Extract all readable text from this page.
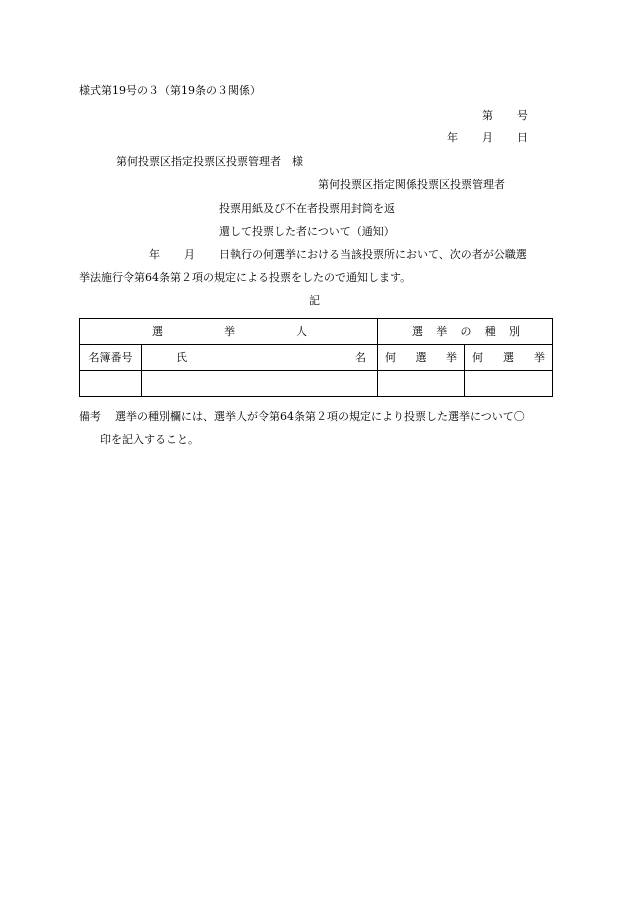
様式第19号の３（第19条の３関係）
第 号
年 月 日
第何投票区指定投票区投票管理者　様
第何投票区指定関係投票区投票管理者
投票用紙及び不在者投票用封筒を返
還して投票した者について（通知）
年 月 日執行の何選挙における当該投票所において、次の者が公職選
挙法施行令第64条第２項の規定による投票をしたので通知します。
記
選 挙 人		選 挙 の 種 別	

名簿番号	氏 名	何 選 挙	何 選 挙

備考 選挙の種別欄には、選挙人が令第64条第２項の規定により投票した選挙について〇
印を記入すること。
